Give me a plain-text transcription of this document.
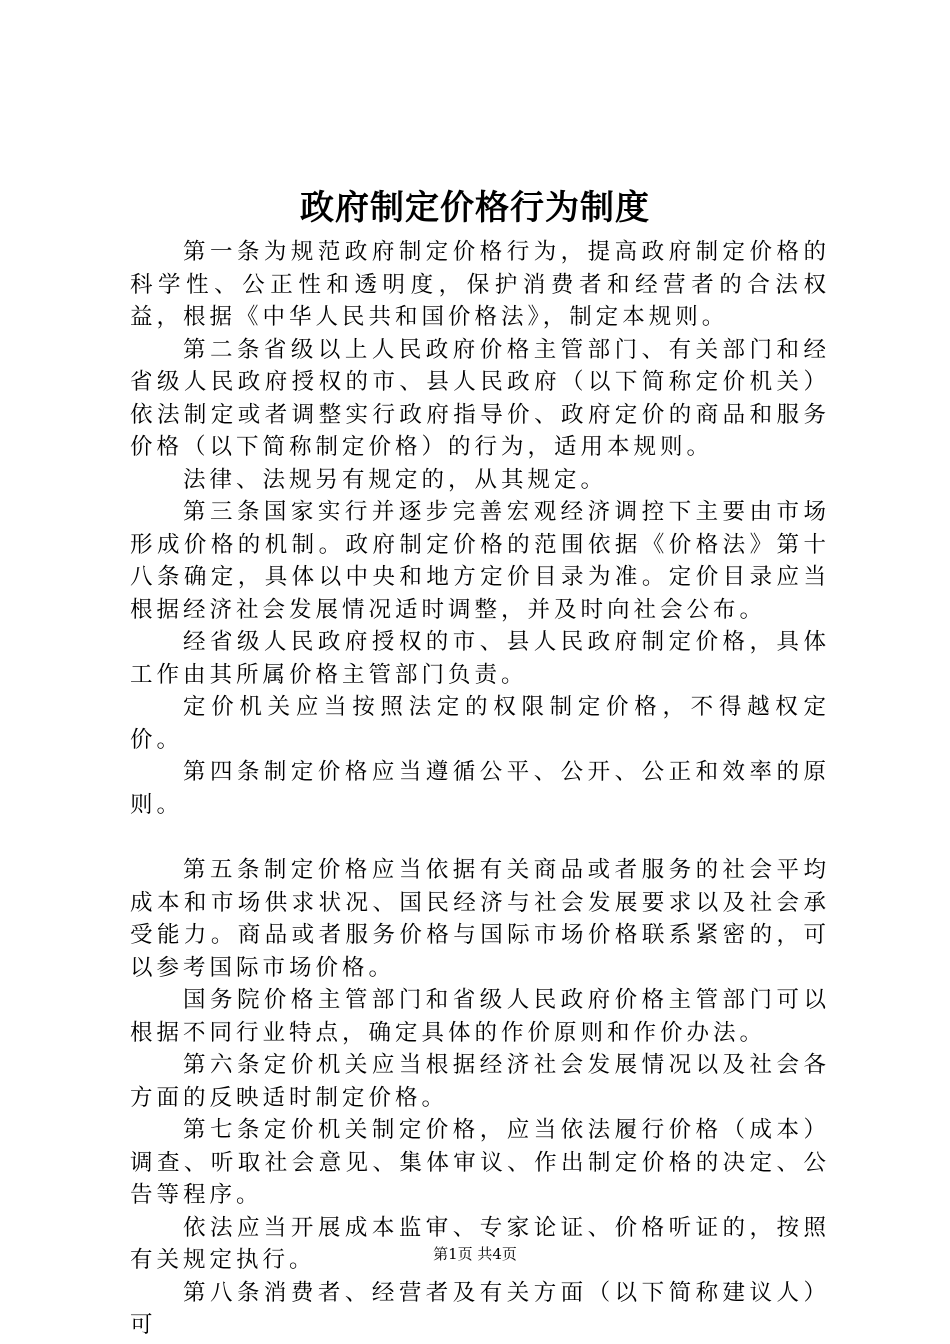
政府制定价格行为制度

第一条为规范政府制定价格行为，提高政府制定价格的科学性、公正性和透明度，保护消费者和经营者的合法权益，根据《中华人民共和国价格法》，制定本规则。

第二条省级以上人民政府价格主管部门、有关部门和经省级人民政府授权的市、县人民政府（以下简称定价机关）依法制定或者调整实行政府指导价、政府定价的商品和服务价格（以下简称制定价格）的行为，适用本规则。

法律、法规另有规定的，从其规定。

第三条国家实行并逐步完善宏观经济调控下主要由市场形成价格的机制。政府制定价格的范围依据《价格法》第十八条确定，具体以中央和地方定价目录为准。定价目录应当根据经济社会发展情况适时调整，并及时向社会公布。

经省级人民政府授权的市、县人民政府制定价格，具体工作由其所属价格主管部门负责。

定价机关应当按照法定的权限制定价格，不得越权定价。

第四条制定价格应当遵循公平、公开、公正和效率的原则。

第五条制定价格应当依据有关商品或者服务的社会平均成本和市场供求状况、国民经济与社会发展要求以及社会承受能力。商品或者服务价格与国际市场价格联系紧密的，可以参考国际市场价格。

国务院价格主管部门和省级人民政府价格主管部门可以根据不同行业特点，确定具体的作价原则和作价办法。

第六条定价机关应当根据经济社会发展情况以及社会各方面的反映适时制定价格。

第七条定价机关制定价格，应当依法履行价格（成本）调查、听取社会意见、集体审议、作出制定价格的决定、公告等程序。

依法应当开展成本监审、专家论证、价格听证的，按照有关规定执行。

第八条消费者、经营者及有关方面（以下简称建议人）可

第1页 共4页
